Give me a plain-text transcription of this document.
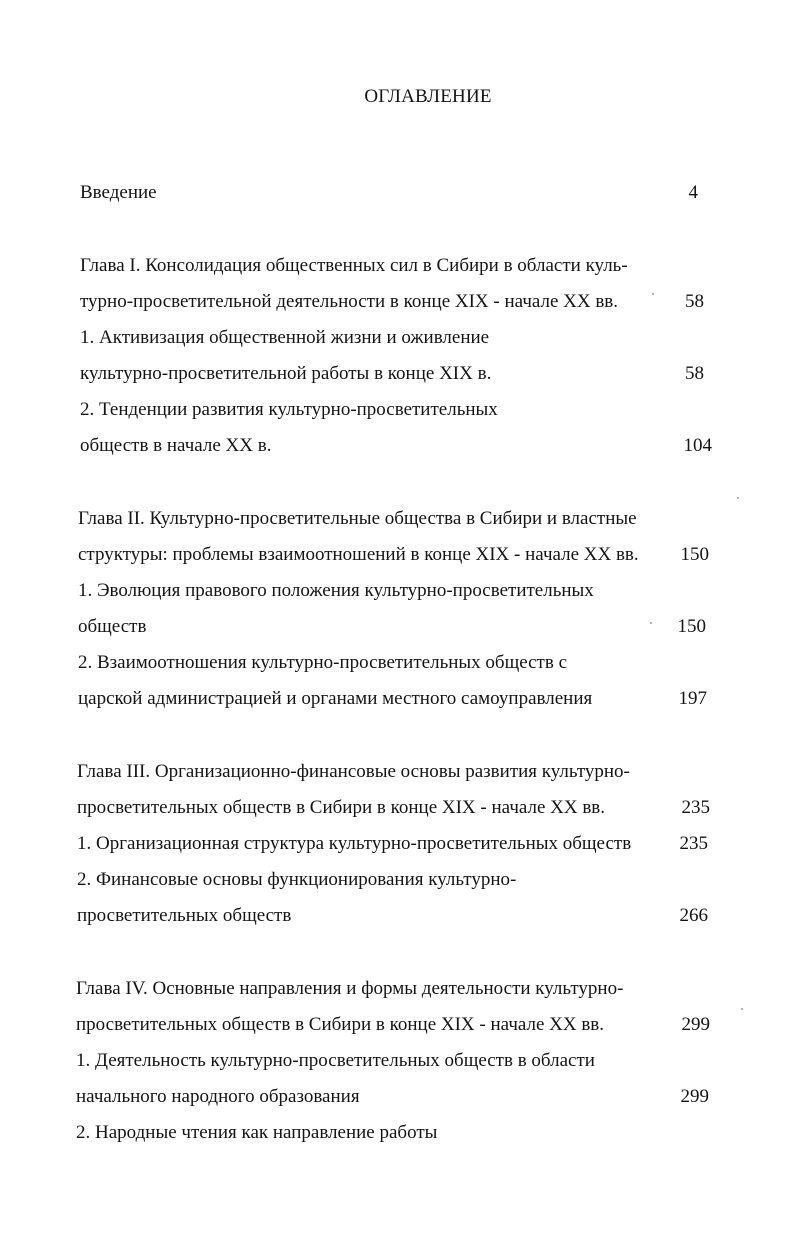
ОГЛАВЛЕНИЕ
Введение	4
Глава I. Консолидация общественных сил в Сибири в области куль-
турно-просветительной деятельности в конце XIX - начале XX вв.	58
1. Активизация общественной жизни и оживление
культурно-просветительной работы в конце XIX в.	58
2. Тенденции развития культурно-просветительных
обществ в начале XX в.	104
Глава II. Культурно-просветительные общества в Сибири и властные
структуры: проблемы взаимоотношений в конце XIX - начале XX вв.	150
1. Эволюция правового положения культурно-просветительных
обществ	150
2. Взаимоотношения культурно-просветительных обществ с
царской администрацией и органами местного самоуправления	197
Глава III. Организационно-финансовые основы развития культурно-
просветительных обществ в Сибири в конце XIX - начале XX вв.	235
1. Организационная структура культурно-просветительных обществ	235
2. Финансовые основы функционирования культурно-
просветительных обществ	266
Глава IV. Основные направления и формы деятельности культурно-
просветительных обществ в Сибири в конце XIX - начале XX вв.	299
1. Деятельность культурно-просветительных обществ в области
начального народного образования	299
2. Народные чтения как направление работы
